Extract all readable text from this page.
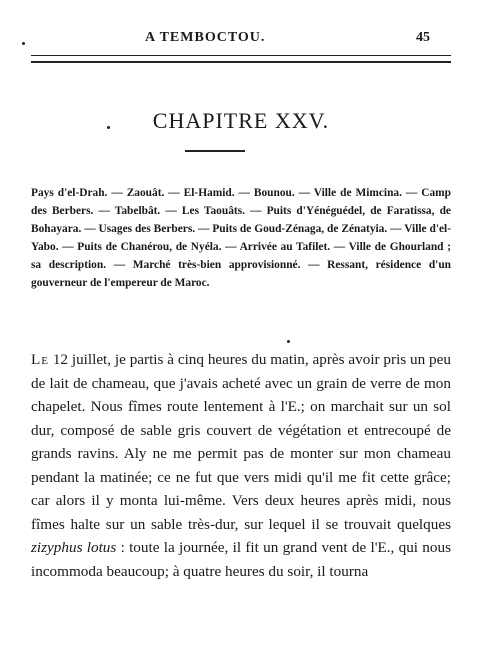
A TEMBOCTOU.	45
CHAPITRE XXV.
Pays d'el-Drah. — Zaouât. — El-Hamid. — Bounou. — Ville de Mimcina. — Camp des Berbers. — Tabelbât. — Les Taouâts. — Puits d'Yénéguédel, de Faratissa, de Bohayara. — Usages des Berbers. — Puits de Goud-Zénaga, de Zénatyia. — Ville d'el-Yabo. — Puits de Chanérou, de Nyéla. — Arrivée au Tafilet. — Ville de Ghourland ; sa description. — Marché très-bien approvisionné. — Ressant, résidence d'un gouverneur de l'empereur de Maroc.
Le 12 juillet, je partis à cinq heures du matin, après avoir pris un peu de lait de chameau, que j'avais acheté avec un grain de verre de mon chapelet. Nous fîmes route lentement à l'E.; on marchait sur un sol dur, composé de sable gris couvert de végétation et entrecoupé de grands ravins. Aly ne me permit pas de monter sur mon chameau pendant la matinée; ce ne fut que vers midi qu'il me fit cette grâce; car alors il y monta lui-même. Vers deux heures après midi, nous fîmes halte sur un sable très-dur, sur lequel il se trouvait quelques zizyphus lotus : toute la journée, il fit un grand vent de l'E., qui nous incommoda beaucoup; à quatre heures du soir, il tourna
